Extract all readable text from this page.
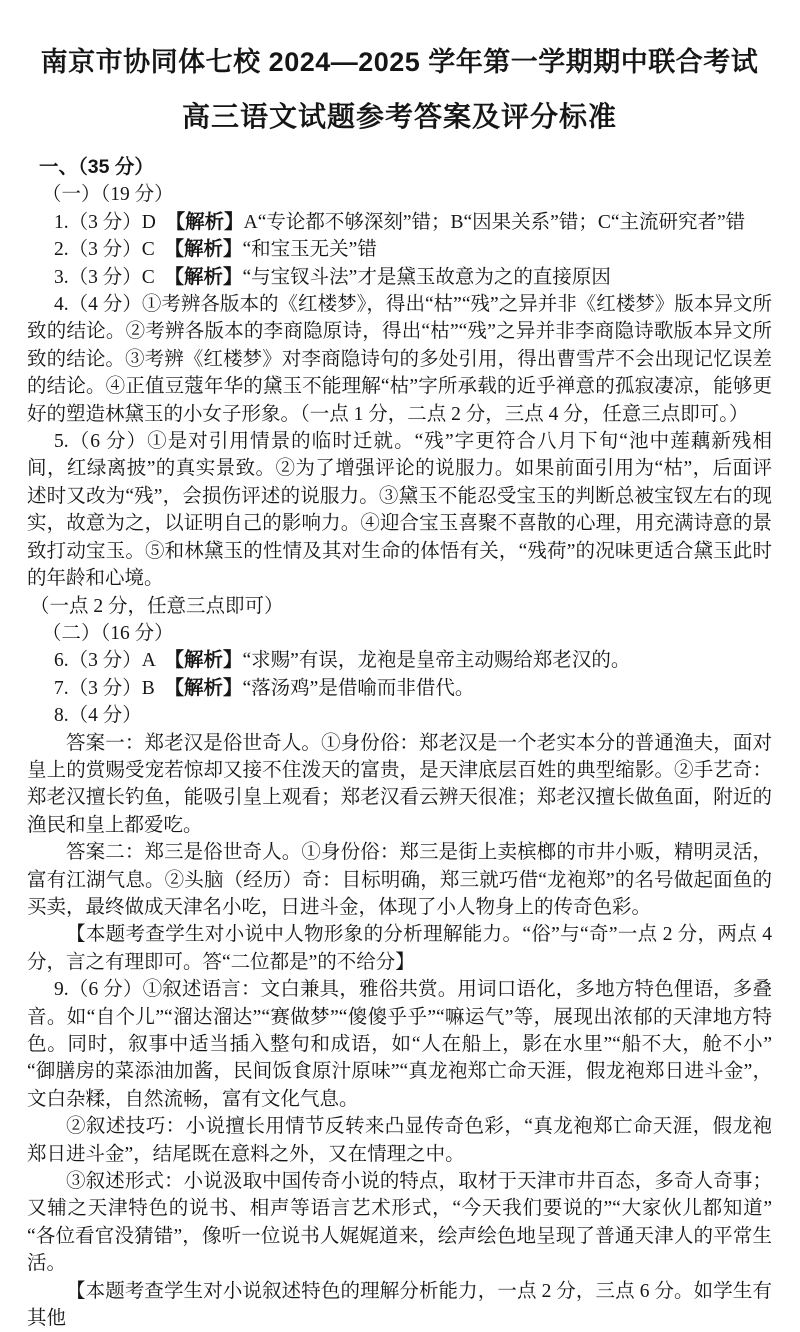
南京市协同体七校 2024—2025 学年第一学期期中联合考试
高三语文试题参考答案及评分标准

一、（35 分）

（一）（19 分）

1.（3 分）D　【解析】A“专论都不够深刻”错；B“因果关系”错；C“主流研究者”错

2.（3 分）C　【解析】“和宝玉无关”错

3.（3 分）C　【解析】“与宝钗斗法”才是黛玉故意为之的直接原因

4.（4 分）①考辨各版本的《红楼梦》，得出“枯”“残”之异并非《红楼梦》版本异文所致的结论。②考辨各版本的李商隐原诗，得出“枯”“残”之异并非李商隐诗歌版本异文所致的结论。③考辨《红楼梦》对李商隐诗句的多处引用，得出曹雪芹不会出现记忆误差的结论。④正值豆蔻年华的黛玉不能理解“枯”字所承载的近乎禅意的孤寂凄凉，能够更好的塑造林黛玉的小女子形象。（一点 1 分，二点 2 分，三点 4 分，任意三点即可。）

5.（6 分）①是对引用情景的临时迁就。“残”字更符合八月下旬“池中莲藕新残相间，红绿离披”的真实景致。②为了增强评论的说服力。如果前面引用为“枯”，后面评述时又改为“残”，会损伤评述的说服力。③黛玉不能忍受宝玉的判断总被宝钗左右的现实，故意为之，以证明自己的影响力。④迎合宝玉喜聚不喜散的心理，用充满诗意的景致打动宝玉。⑤和林黛玉的性情及其对生命的体悟有关，“残荷”的况味更适合黛玉此时的年龄和心境。

（一点 2 分，任意三点即可）

（二）（16 分）

6.（3 分）A　【解析】“求赐”有误，龙袍是皇帝主动赐给郑老汉的。

7.（3 分）B　【解析】“落汤鸡”是借喻而非借代。

8.（4 分）

答案一：郑老汉是俗世奇人。①身份俗：郑老汉是一个老实本分的普通渔夫，面对皇上的赏赐受宠若惊却又接不住泼天的富贵，是天津底层百姓的典型缩影。②手艺奇：郑老汉擅长钓鱼，能吸引皇上观看；郑老汉看云辨天很准；郑老汉擅长做鱼面，附近的渔民和皇上都爱吃。

答案二：郑三是俗世奇人。①身份俗：郑三是街上卖槟榔的市井小贩，精明灵活，富有江湖气息。②头脑（经历）奇：目标明确，郑三就巧借“龙袍郑”的名号做起面鱼的买卖，最终做成天津名小吃，日进斗金，体现了小人物身上的传奇色彩。

【本题考查学生对小说中人物形象的分析理解能力。“俗”与“奇”一点 2 分，两点 4 分，言之有理即可。答“二位都是”的不给分】

9.（6 分）①叙述语言：文白兼具，雅俗共赏。用词口语化，多地方特色俚语，多叠音。如“自个儿”“溜达溜达”“赛做梦”“傻傻乎乎”“嘛运气”等，展现出浓郁的天津地方特色。同时，叙事中适当插入整句和成语，如“人在船上，影在水里”“船不大，舱不小”“御膳房的菜添油加酱，民间饭食原汁原味”“真龙袍郑亡命天涯，假龙袍郑日进斗金”，文白杂糅，自然流畅，富有文化气息。

②叙述技巧：小说擅长用情节反转来凸显传奇色彩，“真龙袍郑亡命天涯，假龙袍郑日进斗金”，结尾既在意料之外，又在情理之中。

③叙述形式：小说汲取中国传奇小说的特点，取材于天津市井百态，多奇人奇事；又辅之天津特色的说书、相声等语言艺术形式，“今天我们要说的”“大家伙儿都知道”“各位看官没猜错”，像听一位说书人娓娓道来，绘声绘色地呈现了普通天津人的平常生活。

【本题考查学生对小说叙述特色的理解分析能力，一点 2 分，三点 6 分。如学生有其他
